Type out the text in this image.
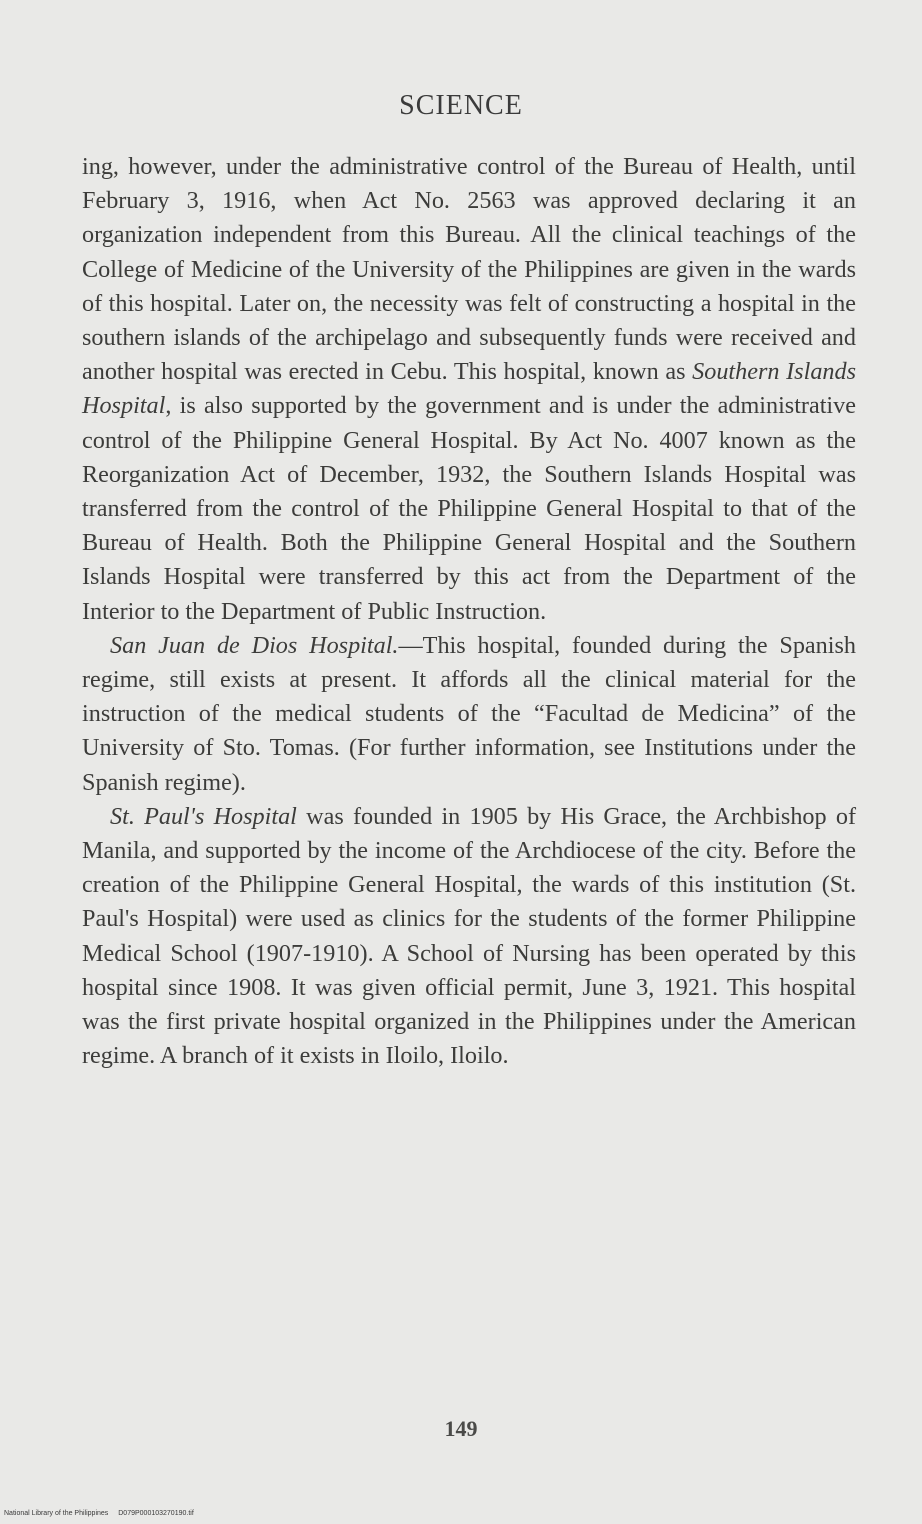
SCIENCE

ing, however, under the administrative control of the Bureau of Health, until February 3, 1916, when Act No. 2563 was approved declaring it an organization independent from this Bureau. All the clinical teachings of the College of Medicine of the University of the Philippines are given in the wards of this hospital. Later on, the necessity was felt of constructing a hospital in the southern islands of the archipelago and subsequently funds were received and another hospital was erected in Cebu. This hospital, known as Southern Islands Hospital, is also supported by the government and is under the administrative control of the Philippine General Hospital. By Act No. 4007 known as the Reorganization Act of December, 1932, the Southern Islands Hospital was transferred from the control of the Philippine General Hospital to that of the Bureau of Health. Both the Philippine General Hospital and the Southern Islands Hospital were transferred by this act from the Department of the Interior to the Department of Public Instruction.

San Juan de Dios Hospital.—This hospital, founded during the Spanish regime, still exists at present. It affords all the clinical material for the instruction of the medical students of the “Facultad de Medicina” of the University of Sto. Tomas. (For further information, see Institutions under the Spanish regime).

St. Paul's Hospital was founded in 1905 by His Grace, the Archbishop of Manila, and supported by the income of the Archdiocese of the city. Before the creation of the Philippine General Hospital, the wards of this institution (St. Paul's Hospital) were used as clinics for the students of the former Philippine Medical School (1907-1910). A School of Nursing has been operated by this hospital since 1908. It was given official permit, June 3, 1921. This hospital was the first private hospital organized in the Philippines under the American regime. A branch of it exists in Iloilo, Iloilo.

149
National Library of the Philippines D079P000103270190.tif
